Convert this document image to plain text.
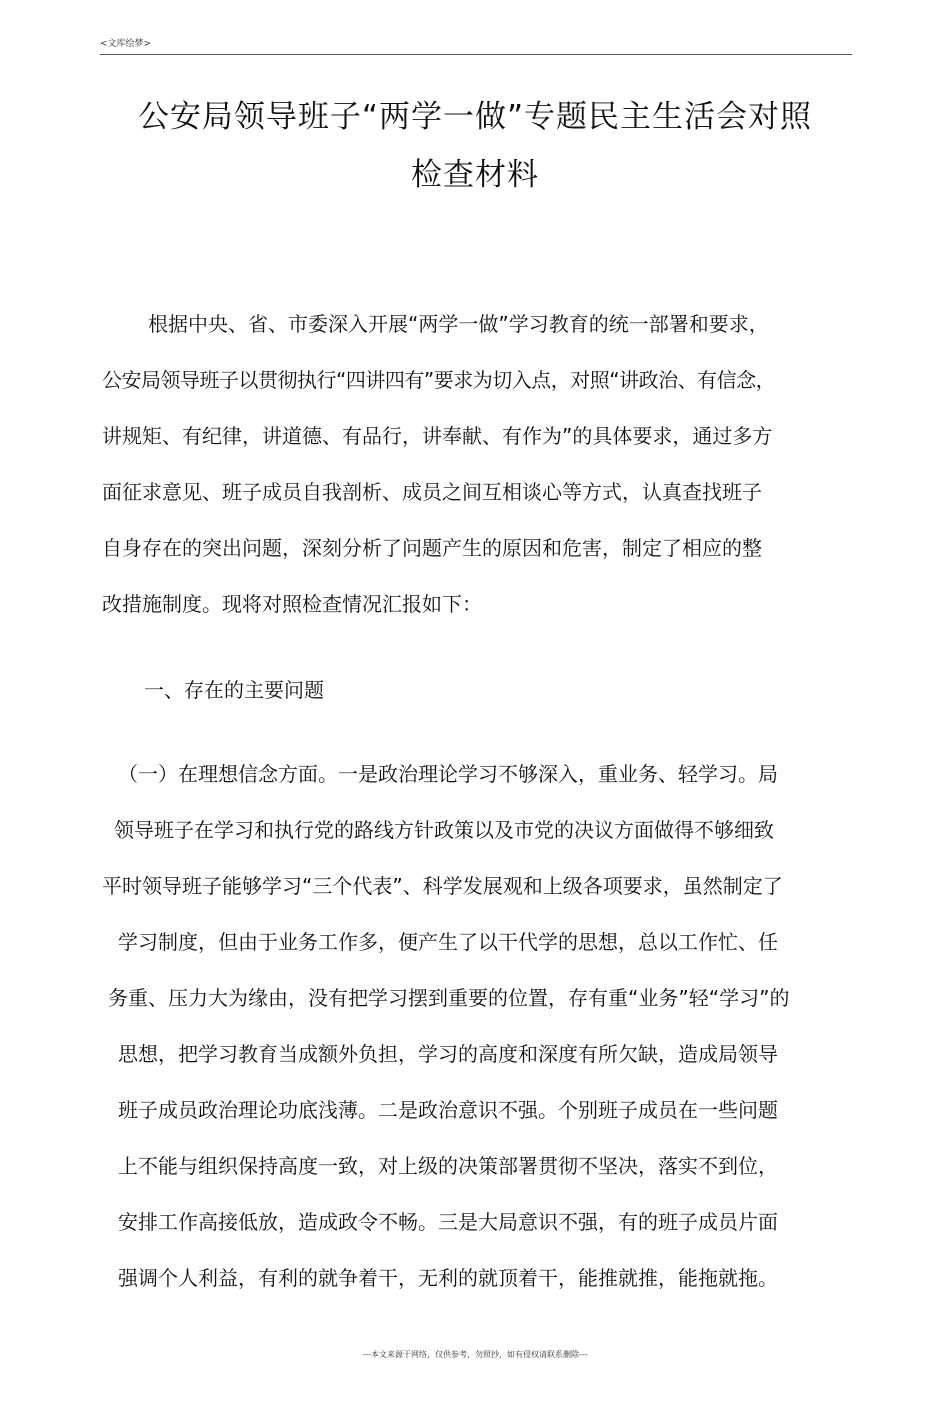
<文库绘梦>
公安局领导班子“两学一做”专题民主生活会对照
检查材料
根据中央、省、市委深入开展“两学一做”学习教育的统一部署和要求，
公安局领导班子以贯彻执行“四讲四有”要求为切入点，对照“讲政治、有信念，
讲规矩、有纪律，讲道德、有品行，讲奉献、有作为”的具体要求，通过多方
面征求意见、班子成员自我剖析、成员之间互相谈心等方式，认真查找班子
自身存在的突出问题，深刻分析了问题产生的原因和危害，制定了相应的整
改措施制度。现将对照检查情况汇报如下：
一、存在的主要问题
（一）在理想信念方面。一是政治理论学习不够深入，重业务、轻学习。局
领导班子在学习和执行党的路线方针政策以及市党的决议方面做得不够细致
平时领导班子能够学习“三个代表”、科学发展观和上级各项要求，虽然制定了
学习制度，但由于业务工作多，便产生了以干代学的思想，总以工作忙、任
务重、压力大为缘由，没有把学习摆到重要的位置，存有重“业务”轻“学习”的
思想，把学习教育当成额外负担，学习的高度和深度有所欠缺，造成局领导
班子成员政治理论功底浅薄。二是政治意识不强。个别班子成员在一些问题
上不能与组织保持高度一致，对上级的决策部署贯彻不坚决，落实不到位，
安排工作高接低放，造成政令不畅。三是大局意识不强，有的班子成员片面
强调个人利益，有利的就争着干，无利的就顶着干，能推就推，能拖就拖。
---本文来源于网络，仅供参考，勿照抄，如有侵权请联系删除---
